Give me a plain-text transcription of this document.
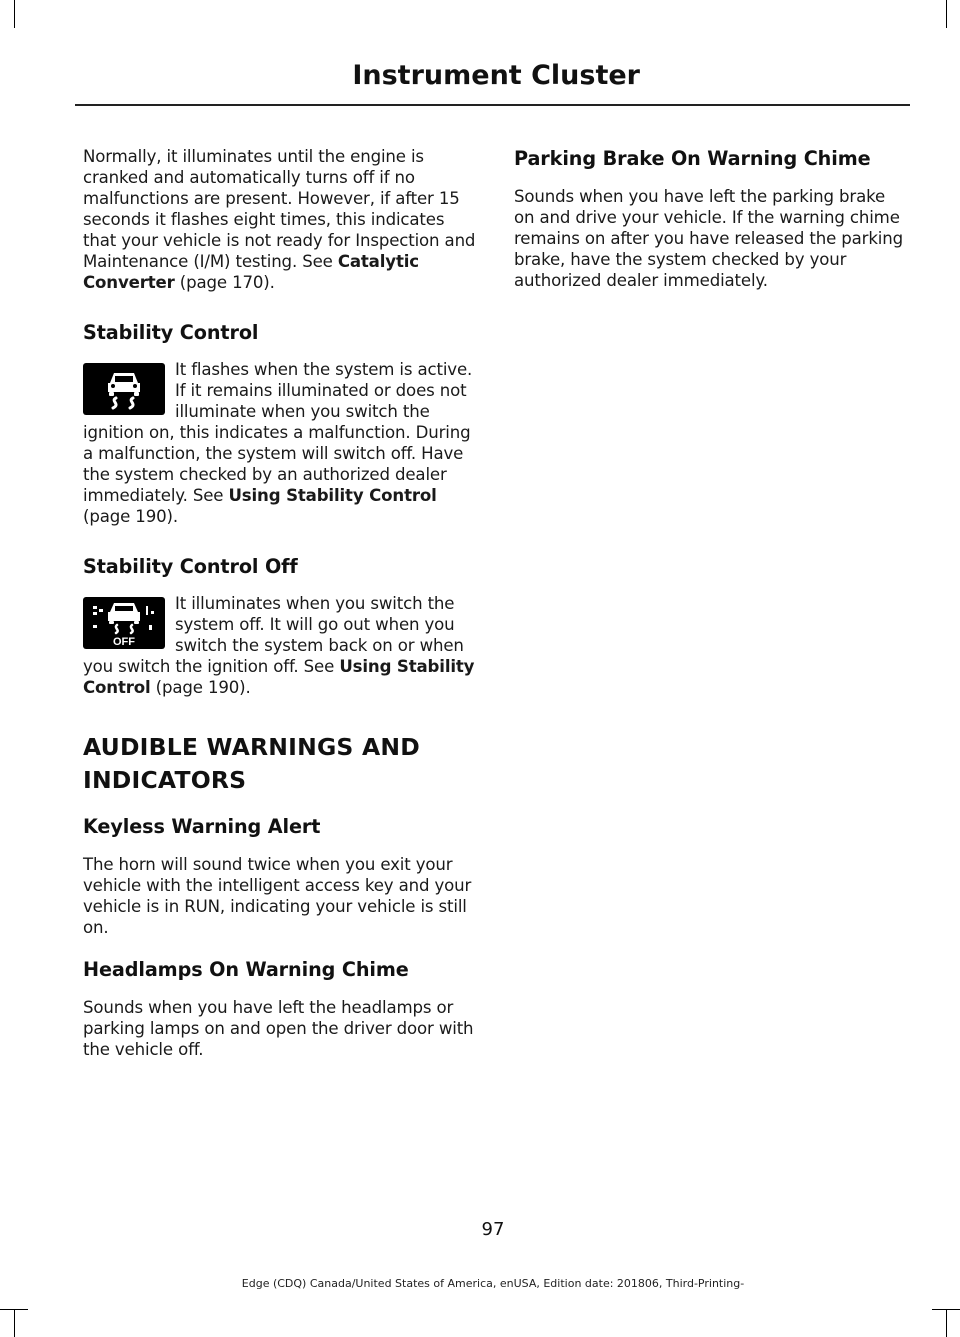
Instrument Cluster

Normally, it illuminates until the engine is cranked and automatically turns off if no malfunctions are present. However, if after 15 seconds it flashes eight times, this indicates that your vehicle is not ready for Inspection and Maintenance (I/M) testing. See Catalytic Converter (page 170).

Stability Control

It flashes when the system is active. If it remains illuminated or does not illuminate when you switch the ignition on, this indicates a malfunction. During a malfunction, the system will switch off. Have the system checked by an authorized dealer immediately. See Using Stability Control (page 190).

Stability Control Off
OFF

It illuminates when you switch the system off. It will go out when you switch the system back on or when you switch the ignition off. See Using Stability Control (page 190).

AUDIBLE WARNINGS AND INDICATORS
Keyless Warning Alert

The horn will sound twice when you exit your vehicle with the intelligent access key and your vehicle is in RUN, indicating your vehicle is still on.

Headlamps On Warning Chime

Sounds when you have left the headlamps or parking lamps on and open the driver door with the vehicle off.

Parking Brake On Warning Chime

Sounds when you have left the parking brake on and drive your vehicle. If the warning chime remains on after you have released the parking brake, have the system checked by your authorized dealer immediately.

97
Edge (CDQ) Canada/United States of America, enUSA, Edition date: 201806, Third-Printing-
